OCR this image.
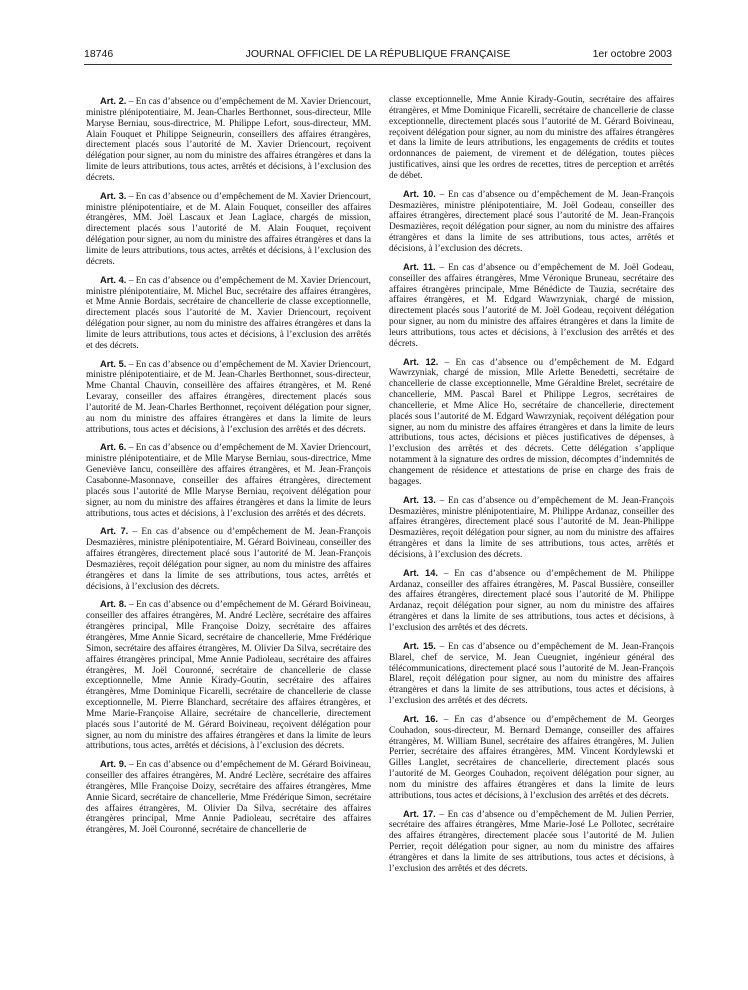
18746	JOURNAL OFFICIEL DE LA RÉPUBLIQUE FRANÇAISE	1er octobre 2003

Art. 2. – En cas d’absence ou d’empêchement de M. Xavier Driencourt, ministre plénipotentiaire, M. Jean-Charles Berthonnet, sous-directeur, Mlle Maryse Berniau, sous-directrice, M. Philippe Lefort, sous-directeur, MM. Alain Fouquet et Philippe Seigneurin, conseillers des affaires étrangères, directement placés sous l’autorité de M. Xavier Driencourt, reçoivent délégation pour signer, au nom du ministre des affaires étrangères et dans la limite de leurs attributions, tous actes, arrêtés et décisions, à l’exclusion des décrets.

Art. 3. – En cas d’absence ou d’empêchement de M. Xavier Driencourt, ministre plénipotentiaire, et de M. Alain Fouquet, conseiller des affaires étrangères, MM. Joël Lascaux et Jean Laglace, chargés de mission, directement placés sous l’autorité de M. Alain Fouquet, reçoivent délégation pour signer, au nom du ministre des affaires étrangères et dans la limite de leurs attributions, tous actes, arrêtés et décisions, à l’exclusion des décrets.

Art. 4. – En cas d’absence ou d’empêchement de M. Xavier Driencourt, ministre plénipotentiaire, M. Michel Buc, secrétaire des affaires étrangères, et Mme Annie Bordais, secrétaire de chancellerie de classe exceptionnelle, directement placés sous l’autorité de M. Xavier Driencourt, reçoivent délégation pour signer, au nom du ministre des affaires étrangères et dans la limite de leurs attributions, tous actes et décisions, à l’exclusion des arrêtés et des décrets.

Art. 5. – En cas d’absence ou d’empêchement de M. Xavier Driencourt, ministre plénipotentiaire, et de M. Jean-Charles Berthonnet, sous-directeur, Mme Chantal Chauvin, conseillère des affaires étrangères, et M. René Levaray, conseiller des affaires étrangères, directement placés sous l’autorité de M. Jean-Charles Berthonnet, reçoivent délégation pour signer, au nom du ministre des affaires étrangères et dans la limite de leurs attributions, tous actes et décisions, à l’exclusion des arrêtés et des décrets.

Art. 6. – En cas d’absence ou d’empêchement de M. Xavier Driencourt, ministre plénipotentiaire, et de Mlle Maryse Berniau, sous-directrice, Mme Geneviève Iancu, conseillère des affaires étrangères, et M. Jean-François Casabonne-Masonnave, conseiller des affaires étrangères, directement placés sous l’autorité de Mlle Maryse Berniau, reçoivent délégation pour signer, au nom du ministre des affaires étrangères et dans la limite de leurs attributions, tous actes et décisions, à l’exclusion des arrêtés et des décrets.

Art. 7. – En cas d’absence ou d’empêchement de M. Jean-François Desmazières, ministre plénipotentiaire, M. Gérard Boivineau, conseiller des affaires étrangères, directement placé sous l’autorité de M. Jean-François Desmazières, reçoit délégation pour signer, au nom du ministre des affaires étrangères et dans la limite de ses attributions, tous actes, arrêtés et décisions, à l’exclusion des décrets.

Art. 8. – En cas d’absence ou d’empêchement de M. Gérard Boivineau, conseiller des affaires étrangères, M. André Leclère, secrétaire des affaires étrangères principal, Mlle Françoise Doizy, secrétaire des affaires étrangères, Mme Annie Sicard, secrétaire de chancellerie, Mme Frédérique Simon, secrétaire des affaires étrangères, M. Olivier Da Silva, secrétaire des affaires étrangères principal, Mme Annie Padioleau, secrétaire des affaires étrangères, M. Joël Couronné, secrétaire de chancellerie de classe exceptionnelle, Mme Annie Kirady-Goutin, secrétaire des affaires étrangères, Mme Dominique Ficarelli, secrétaire de chancellerie de classe exceptionnelle, M. Pierre Blanchard, secrétaire des affaires étrangères, et Mme Marie-Françoise Allaire, secrétaire de chancellerie, directement placés sous l’autorité de M. Gérard Boivineau, reçoivent délégation pour signer, au nom du ministre des affaires étrangères et dans la limite de leurs attributions, tous actes, arrêtés et décisions, à l’exclusion des décrets.

Art. 9. – En cas d’absence ou d’empêchement de M. Gérard Boivineau, conseiller des affaires étrangères, M. André Leclère, secrétaire des affaires étrangères, Mlle Françoise Doizy, secrétaire des affaires étrangères, Mme Annie Sicard, secrétaire de chancellerie, Mme Frédérique Simon, secrétaire des affaires étrangères, M. Olivier Da Silva, secrétaire des affaires étrangères principal, Mme Annie Padioleau, secrétaire des affaires étrangères, M. Joël Couronné, secrétaire de chancellerie de

classe exceptionnelle, Mme Annie Kirady-Goutin, secrétaire des affaires étrangères, et Mme Dominique Ficarelli, secrétaire de chancellerie de classe exceptionnelle, directement placés sous l’autorité de M. Gérard Boivineau, reçoivent délégation pour signer, au nom du ministre des affaires étrangères et dans la limite de leurs attributions, les engagements de crédits et toutes ordonnances de paiement, de virement et de délégation, toutes pièces justificatives, ainsi que les ordres de recettes, titres de perception et arrêtés de débet.

Art. 10. – En cas d’absence ou d’empêchement de M. Jean-François Desmazières, ministre plénipotentiaire, M. Joël Godeau, conseiller des affaires étrangères, directement placé sous l’autorité de M. Jean-François Desmazières, reçoit délégation pour signer, au nom du ministre des affaires étrangères et dans la limite de ses attributions, tous actes, arrêtés et décisions, à l’exclusion des décrets.

Art. 11. – En cas d’absence ou d’empêchement de M. Joël Godeau, conseiller des affaires étrangères, Mme Véronique Bruneau, secrétaire des affaires étrangères principale, Mme Bénédicte de Tauzia, secrétaire des affaires étrangères, et M. Edgard Wawrzyniak, chargé de mission, directement placés sous l’autorité de M. Joël Godeau, reçoivent délégation pour signer, au nom du ministre des affaires étrangères et dans la limite de leurs attributions, tous actes et décisions, à l’exclusion des arrêtés et des décrets.

Art. 12. – En cas d’absence ou d’empêchement de M. Edgard Wawrzyniak, chargé de mission, Mlle Arlette Benedetti, secrétaire de chancellerie de classe exceptionnelle, Mme Géraldine Brelet, secrétaire de chancellerie, MM. Pascal Barel et Philippe Legros, secrétaires de chancellerie, et Mme Alice Ho, secrétaire de chancellerie, directement placés sous l’autorité de M. Edgard Wawrzyniak, reçoivent délégation pour signer, au nom du ministre des affaires étrangères et dans la limite de leurs attributions, tous actes, décisions et pièces justificatives de dépenses, à l’exclusion des arrêtés et des décrets. Cette délégation s’applique notamment à la signature des ordres de mission, décomptes d’indemnités de changement de résidence et attestations de prise en charge des frais de bagages.

Art. 13. – En cas d’absence ou d’empêchement de M. Jean-François Desmazières, ministre plénipotentiaire, M. Philippe Ardanaz, conseiller des affaires étrangères, directement placé sous l’autorité de M. Jean-Philippe Desmazières, reçoit délégation pour signer, au nom du ministre des affaires étrangères et dans la limite de ses attributions, tous actes, arrêtés et décisions, à l’exclusion des décrets.

Art. 14. – En cas d’absence ou d’empêchement de M. Philippe Ardanaz, conseiller des affaires étrangères, M. Pascal Bussière, conseiller des affaires étrangères, directement placé sous l’autorité de M. Philippe Ardanaz, reçoit délégation pour signer, au nom du ministre des affaires étrangères et dans la limite de ses attributions, tous actes et décisions, à l’exclusion des arrêtés et des décrets.

Art. 15. – En cas d’absence ou d’empêchement de M. Jean-François Blarel, chef de service, M. Jean Cueugniet, ingénieur général des télécommunications, directement placé sous l’autorité de M. Jean-François Blarel, reçoit délégation pour signer, au nom du ministre des affaires étrangères et dans la limite de ses attributions, tous actes et décisions, à l’exclusion des arrêtés et des décrets.

Art. 16. – En cas d’absence ou d’empêchement de M. Georges Couhadon, sous-directeur, M. Bernard Demange, conseiller des affaires étrangères, M. William Bunel, secrétaire des affaires étrangères, M. Julien Perrier, secrétaire des affaires étrangères, MM. Vincent Kordylewski et Gilles Langlet, secrétaires de chancellerie, directement placés sous l’autorité de M. Georges Couhadon, reçoivent délégation pour signer, au nom du ministre des affaires étrangères et dans la limite de leurs attributions, tous actes et décisions, à l’exclusion des arrêtés et des décrets.

Art. 17. – En cas d’absence ou d’empêchement de M. Julien Perrier, secrétaire des affaires étrangères, Mme Marie-José Le Pollotec, secrétaire des affaires étrangères, directement placée sous l’autorité de M. Julien Perrier, reçoit délégation pour signer, au nom du ministre des affaires étrangères et dans la limite de ses attributions, tous actes et décisions, à l’exclusion des arrêtés et des décrets.
